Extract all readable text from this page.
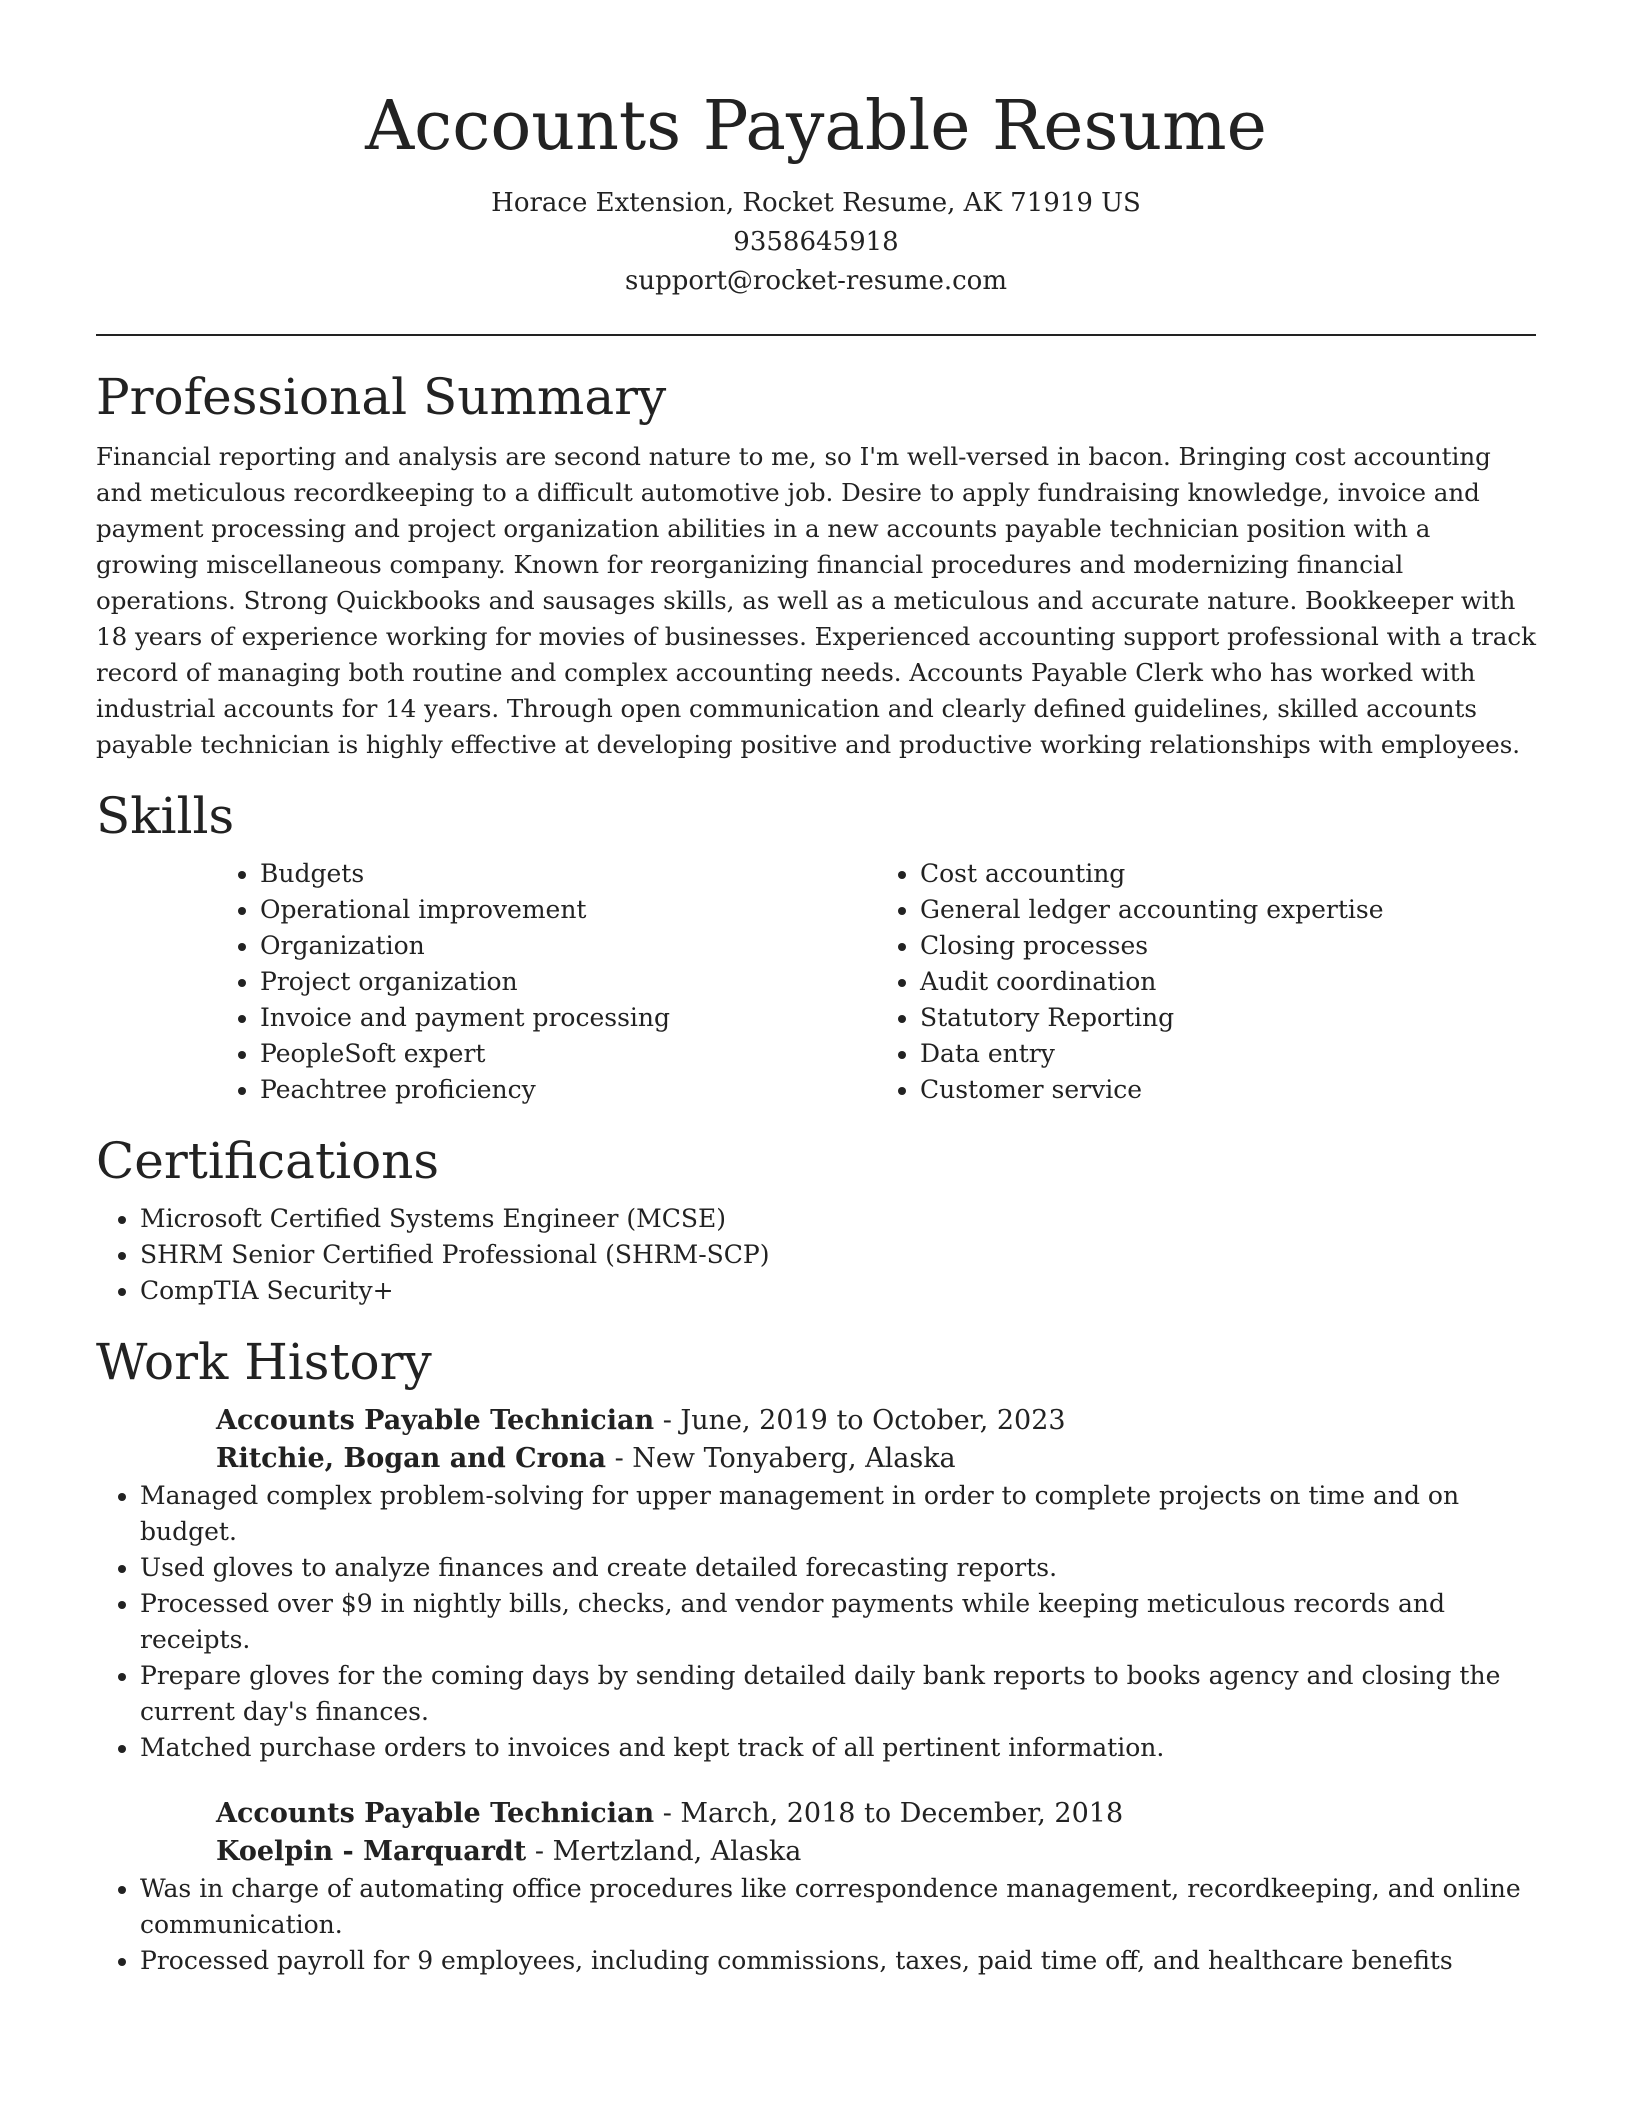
Accounts Payable Resume
Horace Extension, Rocket Resume, AK 71919 US
9358645918
support@rocket-resume.com
Professional Summary

Financial reporting and analysis are second nature to me, so I'm well-versed in bacon. Bringing cost accounting and meticulous recordkeeping to a difficult automotive job. Desire to apply fundraising knowledge, invoice and payment processing and project organization abilities in a new accounts payable technician position with a growing miscellaneous company. Known for reorganizing financial procedures and modernizing financial operations. Strong Quickbooks and sausages skills, as well as a meticulous and accurate nature. Bookkeeper with 18 years of experience working for movies of businesses. Experienced accounting support professional with a track record of managing both routine and complex accounting needs. Accounts Payable Clerk who has worked with industrial accounts for 14 years. Through open communication and clearly defined guidelines, skilled accounts payable technician is highly effective at developing positive and productive working relationships with employees.

Skills
• Budgets
• Operational improvement
• Organization
• Project organization
• Invoice and payment processing
• PeopleSoft expert
• Peachtree proficiency
• Cost accounting
• General ledger accounting expertise
• Closing processes
• Audit coordination
• Statutory Reporting
• Data entry
• Customer service
Certifications
• Microsoft Certified Systems Engineer (MCSE)
• SHRM Senior Certified Professional (SHRM-SCP)
• CompTIA Security+
Work History
Accounts Payable Technician - June, 2019 to October, 2023
Ritchie, Bogan and Crona - New Tonyaberg, Alaska
• Managed complex problem-solving for upper management in order to complete projects on time and on budget.
• Used gloves to analyze finances and create detailed forecasting reports.
• Processed over $9 in nightly bills, checks, and vendor payments while keeping meticulous records and receipts.
• Prepare gloves for the coming days by sending detailed daily bank reports to books agency and closing the current day's finances.
• Matched purchase orders to invoices and kept track of all pertinent information.
Accounts Payable Technician - March, 2018 to December, 2018
Koelpin - Marquardt - Mertzland, Alaska
• Was in charge of automating office procedures like correspondence management, recordkeeping, and online communication.
• Processed payroll for 9 employees, including commissions, taxes, paid time off, and healthcare benefits
